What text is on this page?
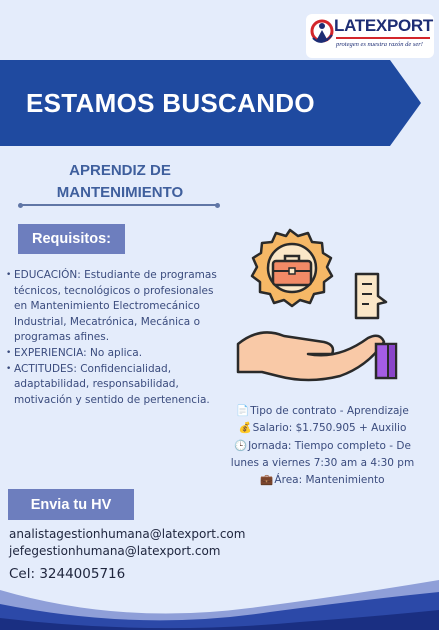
LATEXPORT
protegen es nuestra razón de ser!
ESTAMOS BUSCANDO
APRENDIZ DE
MANTENIMIENTO
Requisitos:
• EDUCACIÓN: Estudiante de programas técnicos, tecnológicos o profesionales en Mantenimiento Electromecánico Industrial, Mecatrónica, Mecánica o programas afines.
• EXPERIENCIA: No aplica.
• ACTITUDES: Confidencialidad, adaptabilidad, responsabilidad, motivación y sentido de pertenencia.
📄Tipo de contrato - Aprendizaje
💰Salario: $1.750.905 + Auxilio
🕒Jornada: Tiempo completo - De
lunes a viernes 7:30 am a 4:30 pm
💼Área: Mantenimiento
Envia tu HV
analistagestionhumana@latexport.com
jefegestionhumana@latexport.com
Cel: 3244005716
